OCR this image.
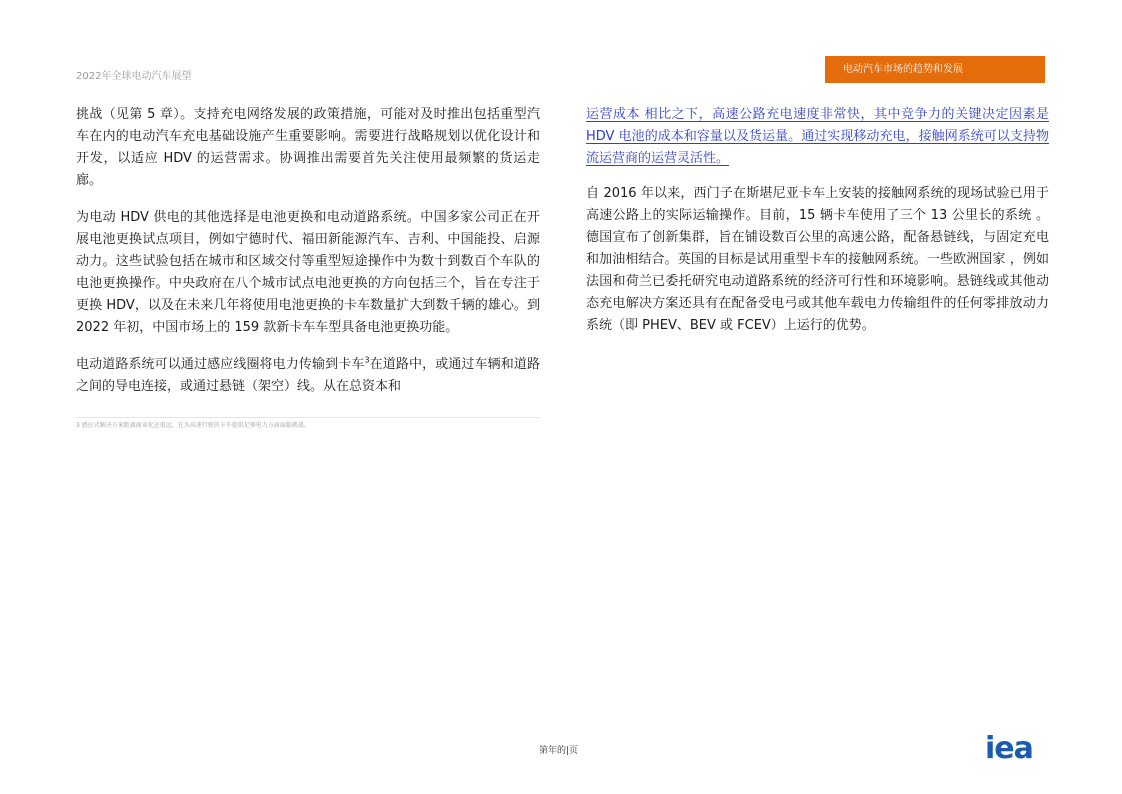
2022年全球电动汽车展望
电动汽车市场的趋势和发展

挑战（见第 5 章）。支持充电网络发展的政策措施，可能对及时推出包括重型汽车在内的电动汽车充电基础设施产生重要影响。需要进行战略规划以优化设计和开发，以适应 HDV 的运营需求。协调推出需要首先关注使用最频繁的货运走廊。

为电动 HDV 供电的其他选择是电池更换和电动道路系统。中国多家公司正在开展电池更换试点项目，例如宁德时代、福田新能源汽车、吉利、中国能投、启源动力。这些试验包括在城市和区域交付等重型短途操作中为数十到数百个车队的电池更换操作。中央政府在八个城市试点电池更换的方向包括三个，旨在专注于更换 HDV，以及在未来几年将使用电池更换的卡车数量扩大到数千辆的雄心。到 2022 年初，中国市场上的 159 款新卡车车型具备电池更换功能。

电动道路系统可以通过感应线圈将电力传输到卡车$^3$在道路中，或通过车辆和道路之间的导电连接，或通过悬链（架空）线。从在总资本和

运营成本 相比之下，高速公路充电速度非常快，其中竞争力的关键决定因素是 HDV 电池的成本和容量以及货运量。通过实现移动充电，接触网系统可以支持物流运营商的运营灵活性。

自 2016 年以来，西门子在斯堪尼亚卡车上安装的接触网系统的现场试验已用于高速公路上的实际运输操作。目前，15 辆卡车使用了三个 13 公里长的系统 。德国宣布了创新集群，旨在铺设数百公里的高速公路，配备悬链线，与固定充电和加油相结合。英国的目标是试用重型卡车的接触网系统。一些欧洲国家 ，例如法国和荷兰已委托研究电动道路系统的经济可行性和环境影响。悬链线或其他动态充电解决方案还具有在配备受电弓或其他车载电力传输组件的任何零排放动力系统（即 PHEV、BEV 或 FCEV）上运行的优势。

3 感应式解决方案距离商业化还很远，在为高速行驶的卡车提供足够电力方面面临挑战。
第年的|页	iea
